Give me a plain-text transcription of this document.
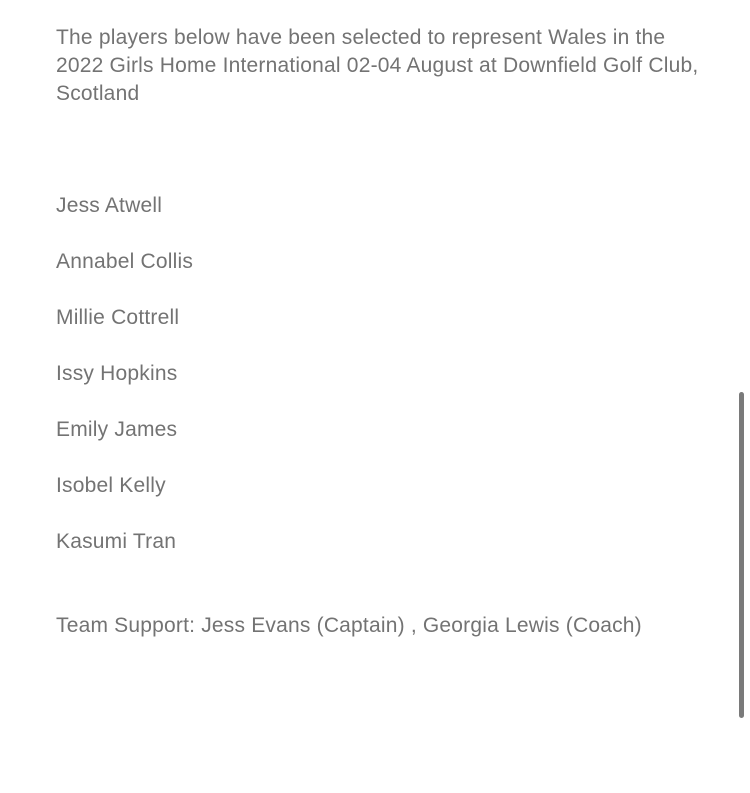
The players below have been selected to represent Wales in the 2022 Girls Home International 02-04 August at Downfield Golf Club, Scotland

Jess Atwell
Annabel Collis
Millie Cottrell
Issy Hopkins
Emily James
Isobel Kelly
Kasumi Tran

Team Support: Jess Evans (Captain) , Georgia Lewis (Coach)
